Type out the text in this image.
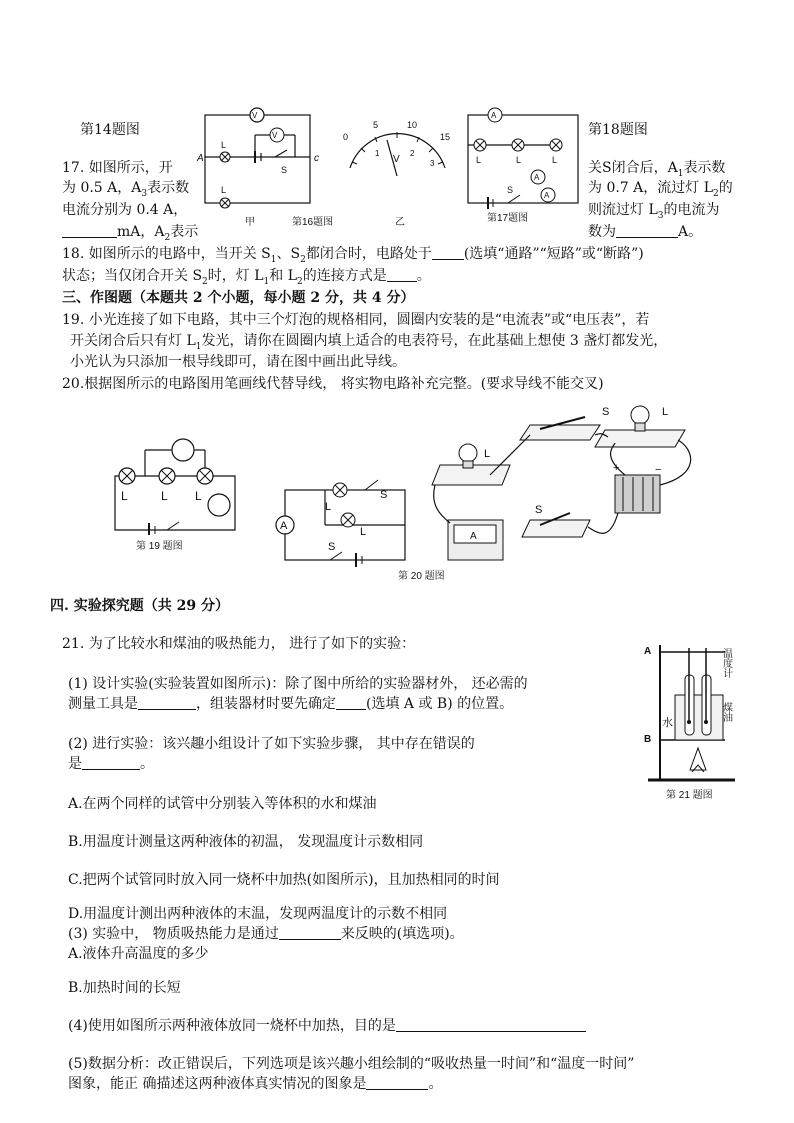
第14题图	第18题图
V
L
V
S
L
A	c
甲	第16题图
0
5	10
15
1	2
3
V
乙
A
L	L	L
A
A
S
第17题图
17. 如图所示，开
为 0.5 A，$A_3$表示数
电流分别为 0.4 A，
mA，$A_2$表示
关S闭合后，$A_1$表示数
为 0.7 A，流过灯 $L_2$的
则流过灯 $L_3$的电流为
数为	A。
18. 如图所示的电路中，当开关 $S_1$、$S_2$都闭合时，电路处于 (选填“通路”“短路”或“断路”)
状态；当仅闭合开关 $S_2$时，灯 $L_1$和 $L_2$的连接方式是 。
三、作图题（本题共 2 个小题，每小题 2 分，共 4 分）
19. 小光连接了如下电路，其中三个灯泡的规格相同，圆圈内安装的是“电流表”或“电压表”，若
开关闭合后只有灯 $L_1$发光，请你在圆圈内填上适合的电表符号，在此基础上想使 3 盏灯都发光，
小光认为只添加一根导线即可，请在图中画出此导线。
20.根据图所示的电路图用笔画线代替导线， 将实物电路补充完整。(要求导线不能交叉)
L	L L
第 19 题图
A
L
L
S
S
S	L
L
+	−
A
S
第 20 题图
四. 实验探究题（共 29 分）
21. 为了比较水和煤油的吸热能力， 进行了如下的实验：
(1) 设计实验(实验装置如图所示)：除了图中所给的实验器材外， 还必需的
测量工具是	，组装器材时要先确定 (选填 A 或 B) 的位置。
(2) 进行实验：该兴趣小组设计了如下实验步骤， 其中存在错误的
是	。
A.在两个同样的试管中分别装入等体积的水和煤油
B.用温度计测量这两种液体的初温， 发现温度计示数相同
C.把两个试管同时放入同一烧杯中加热(如图所示)，且加热相同的时间
D.用温度计测出两种液体的末温，发现两温度计的示数不相同
(3) 实验中， 物质吸热能力是通过	来反映的(填选项)。
A.液体升高温度的多少
B.加热时间的长短
(4)使用如图所示两种液体放同一烧杯中加热，目的是
(5)数据分析：改正错误后，下列选项是该兴趣小组绘制的“吸收热量一时间”和“温度一时间”
图象，能正 确描述这两种液体真实情况的图象是	。
A
B
水
煤油
温度计
第 21 题图
